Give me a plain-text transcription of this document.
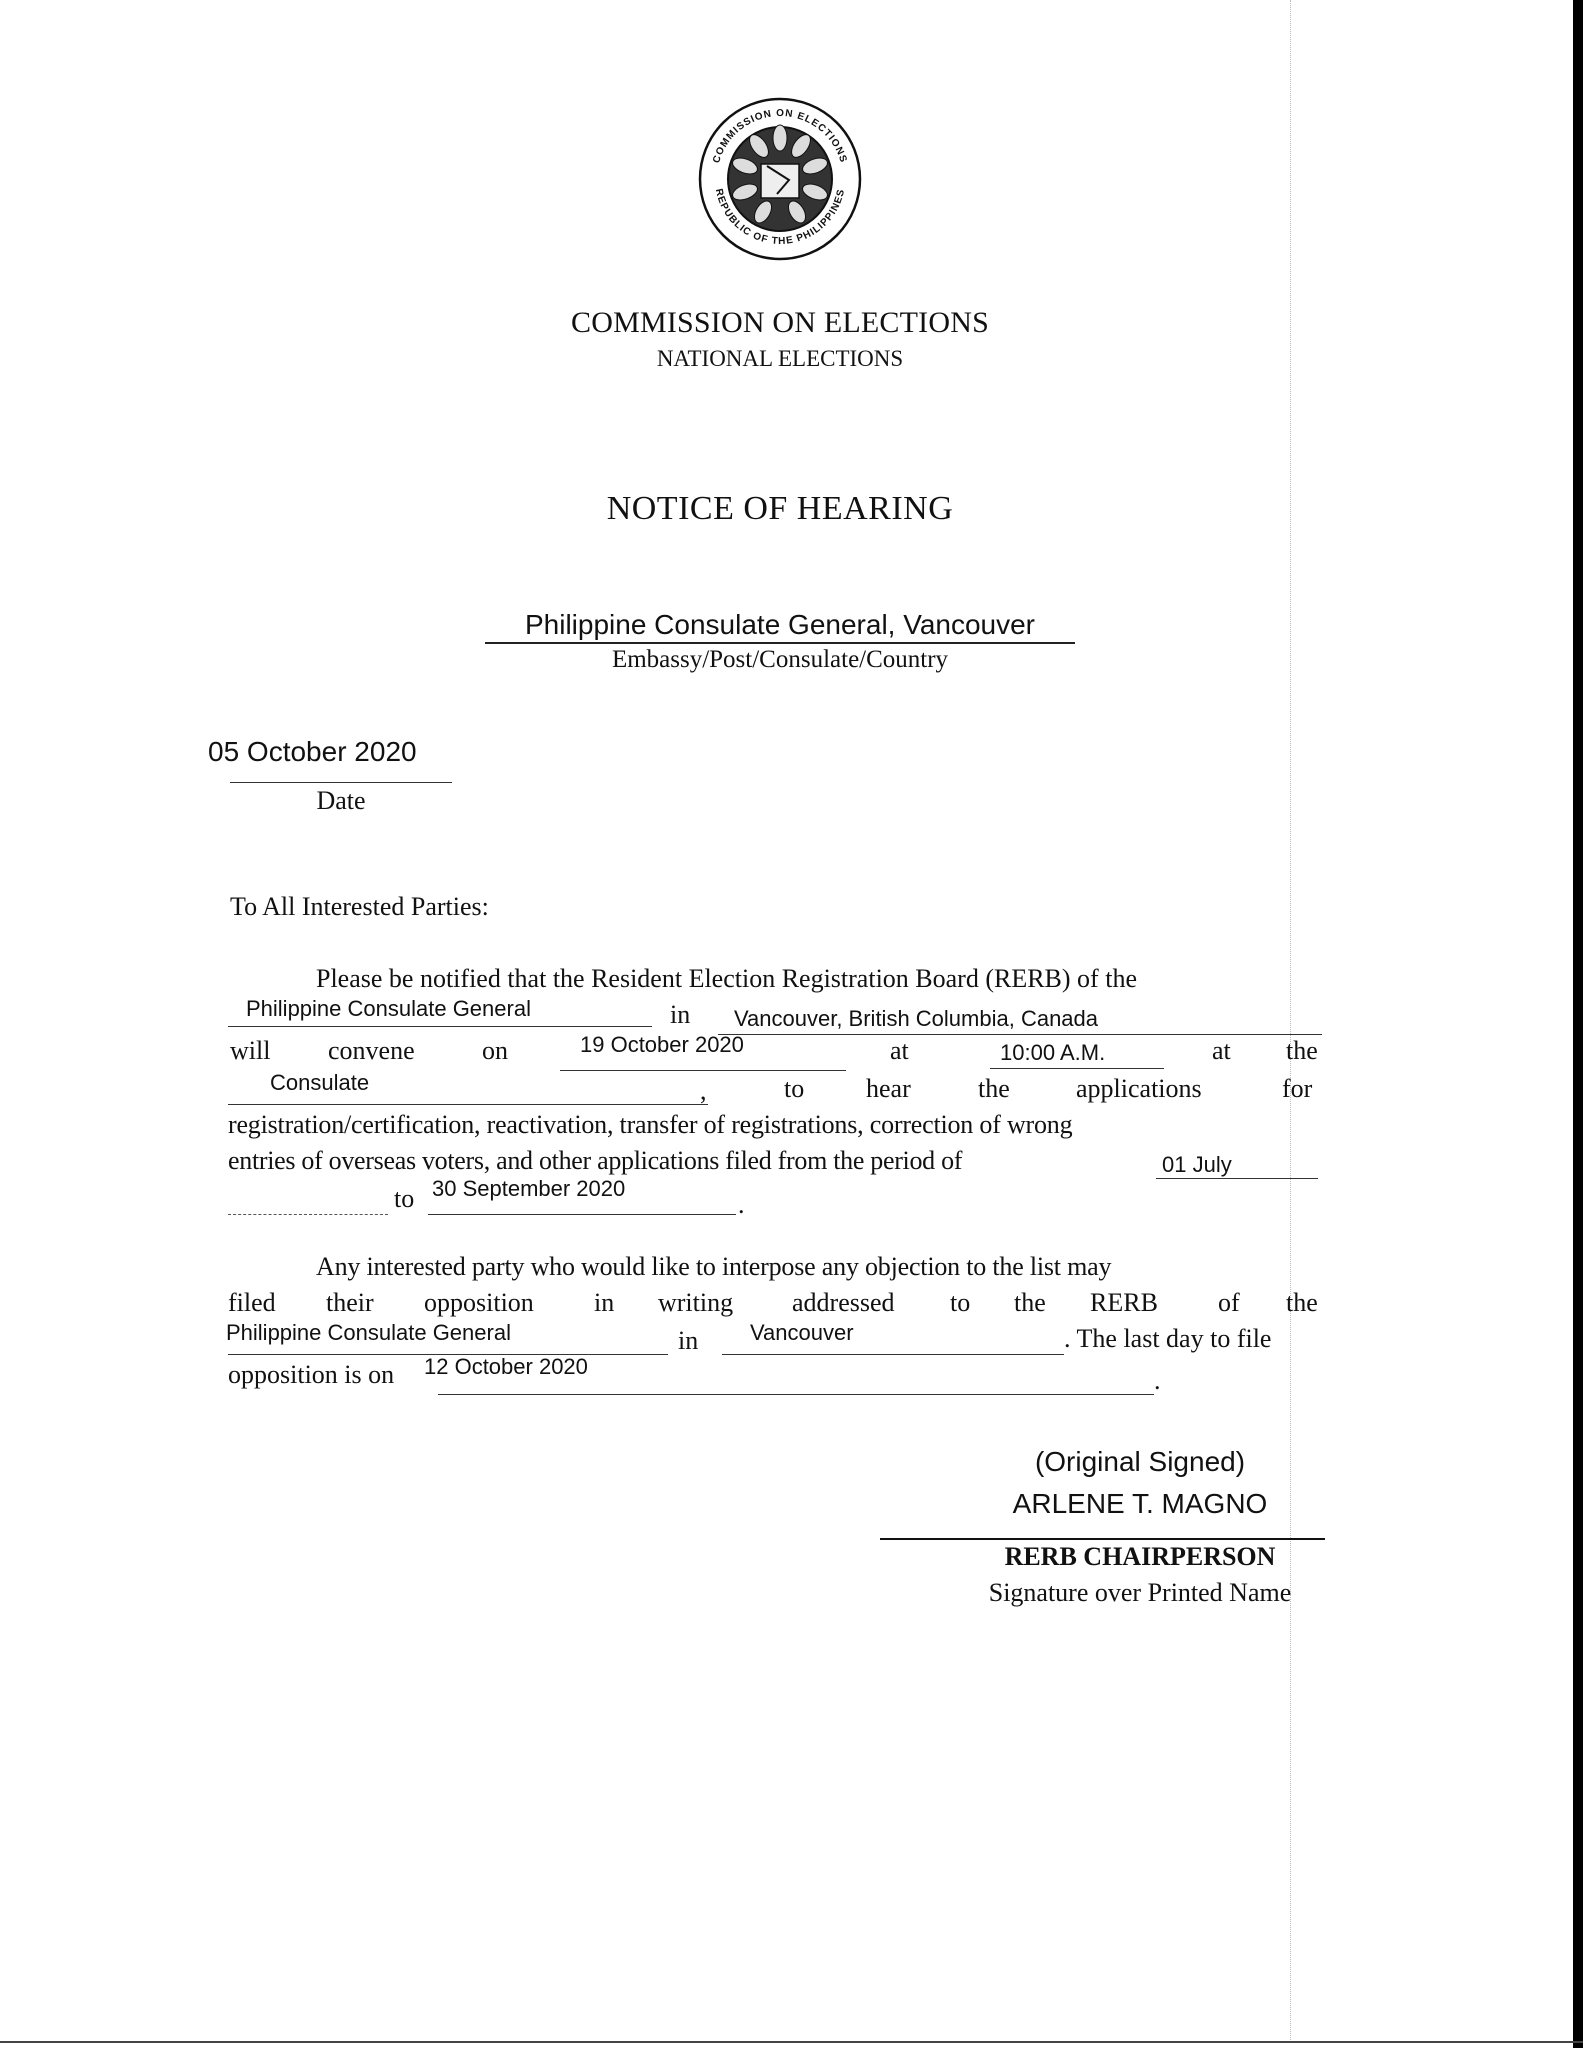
COMMISSION ON ELECTIONS
REPUBLIC OF THE PHILIPPINES
COMMISSION ON ELECTIONS
NATIONAL ELECTIONS
NOTICE OF HEARING
Philippine Consulate General, Vancouver
Embassy/Post/Consulate/Country
05 October 2020
Date
To All Interested Parties:
Please be notified that the Resident Election Registration Board (RERB) of the
Philippine Consulate General	in Vancouver, British Columbia, Canada
will convene	on	19 October 2020	at	10:00 A.M.	at the
Consulate	,	to hear	the	applications	for
registration/certification, reactivation, transfer of registrations, correction of wrong
entries of overseas voters, and other applications filed from the period of	01 July
to 30 September 2020
.
Any interested party who would like to interpose any objection to the list may
filed their opposition in writing addressed to the RERB of the
Philippine Consulate General	in Vancouver	. The last day to file
opposition is on 12 October 2020	.
(Original Signed)
ARLENE T. MAGNO
RERB CHAIRPERSON
Signature over Printed Name
